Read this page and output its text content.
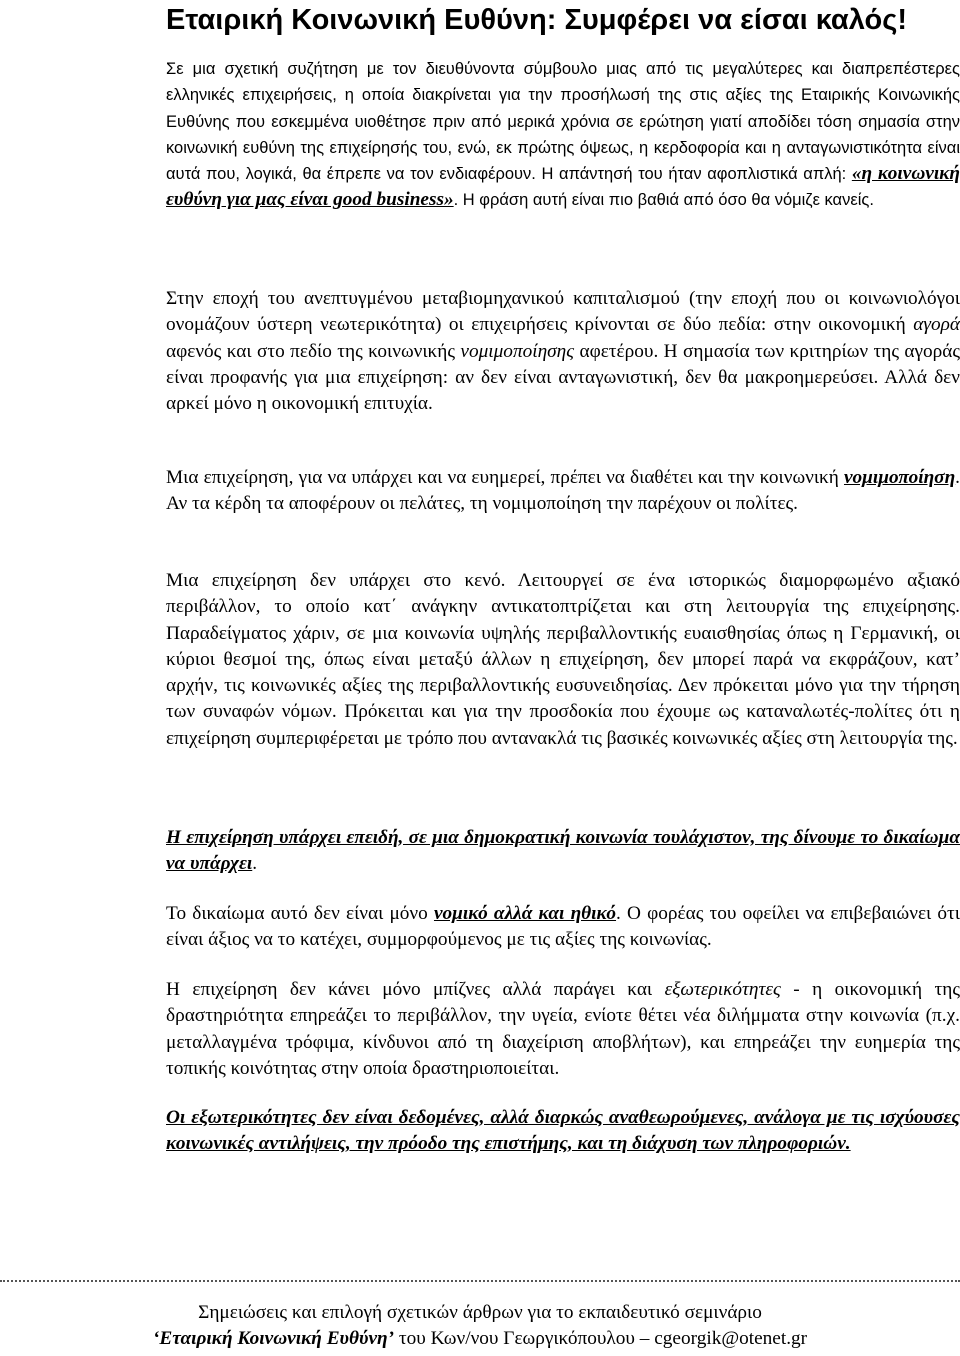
Εταιρική Κοινωνική Ευθύνη: Συμφέρει να είσαι καλός!
Σε μια σχετική συζήτηση με τον διευθύνοντα σύμβουλο μιας από τις μεγαλύτερες και διαπρεπέστερες ελληνικές επιχειρήσεις, η οποία διακρίνεται για την προσήλωσή της στις αξίες της Εταιρικής Κοινωνικής Ευθύνης που εσκεμμένα υιοθέτησε πριν από μερικά χρόνια σε ερώτηση γιατί αποδίδει τόση σημασία στην κοινωνική ευθύνη της επιχείρησής του, ενώ, εκ πρώτης όψεως, η κερδοφορία και η ανταγωνιστικότητα είναι αυτά που, λογικά, θα έπρεπε να τον ενδιαφέρουν. Η απάντησή του ήταν αφοπλιστικά απλή: «η κοινωνική ευθύνη για μας είναι good business». Η φράση αυτή είναι πιο βαθιά από όσο θα νόμιζε κανείς.
Στην εποχή του ανεπτυγμένου μεταβιομηχανικού καπιταλισμού (την εποχή που οι κοινωνιολόγοι ονομάζουν ύστερη νεωτερικότητα) οι επιχειρήσεις κρίνονται σε δύο πεδία: στην οικονομική αγορά αφενός και στο πεδίο της κοινωνικής νομιμοποίησης αφετέρου. Η σημασία των κριτηρίων της αγοράς είναι προφανής για μια επιχείρηση: αν δεν είναι ανταγωνιστική, δεν θα μακροημερεύσει. Αλλά δεν αρκεί μόνο η οικονομική επιτυχία.
Μια επιχείρηση, για να υπάρχει και να ευημερεί, πρέπει να διαθέτει και την κοινωνική νομιμοποίηση. Αν τα κέρδη τα αποφέρουν οι πελάτες, τη νομιμοποίηση την παρέχουν οι πολίτες.
Μια επιχείρηση δεν υπάρχει στο κενό. Λειτουργεί σε ένα ιστορικώς διαμορφωμένο αξιακό περιβάλλον, το οποίο κατ΄ ανάγκην αντικατοπτρίζεται και στη λειτουργία της επιχείρησης. Παραδείγματος χάριν, σε μια κοινωνία υψηλής περιβαλλοντικής ευαισθησίας όπως η Γερμανική, οι κύριοι θεσμοί της, όπως είναι μεταξύ άλλων η επιχείρηση, δεν μπορεί παρά να εκφράζουν, κατ’ αρχήν, τις κοινωνικές αξίες της περιβαλλοντικής ευσυνειδησίας. Δεν πρόκειται μόνο για την τήρηση των συναφών νόμων. Πρόκειται και για την προσδοκία που έχουμε ως καταναλωτές-πολίτες ότι η επιχείρηση συμπεριφέρεται με τρόπο που αντανακλά τις βασικές κοινωνικές αξίες στη λειτουργία της.
Η επιχείρηση υπάρχει επειδή, σε μια δημοκρατική κοινωνία τουλάχιστον, της δίνουμε το δικαίωμα να υπάρχει.
Το δικαίωμα αυτό δεν είναι μόνο νομικό αλλά και ηθικό. Ο φορέας του οφείλει να επιβεβαιώνει ότι είναι άξιος να το κατέχει, συμμορφούμενος με τις αξίες της κοινωνίας.
Η επιχείρηση δεν κάνει μόνο μπίζνες αλλά παράγει και εξωτερικότητες - η οικονομική της δραστηριότητα επηρεάζει το περιβάλλον, την υγεία, ενίοτε θέτει νέα διλήμματα στην κοινωνία (π.χ. μεταλλαγμένα τρόφιμα, κίνδυνοι από τη διαχείριση αποβλήτων), και επηρεάζει την ευημερία της τοπικής κοινότητας στην οποία δραστηριοποιείται.
Οι εξωτερικότητες δεν είναι δεδομένες, αλλά διαρκώς αναθεωρούμενες, ανάλογα με τις ισχύουσες κοινωνικές αντιλήψεις, την πρόοδο της επιστήμης, και τη διάχυση των πληροφοριών.
Σημειώσεις και επιλογή σχετικών άρθρων για το εκπαιδευτικό σεμινάριο
‘Εταιρική Κοινωνική Ευθύνη’ του Κων/νου Γεωργικόπουλου – cgeorgik@otenet.gr
